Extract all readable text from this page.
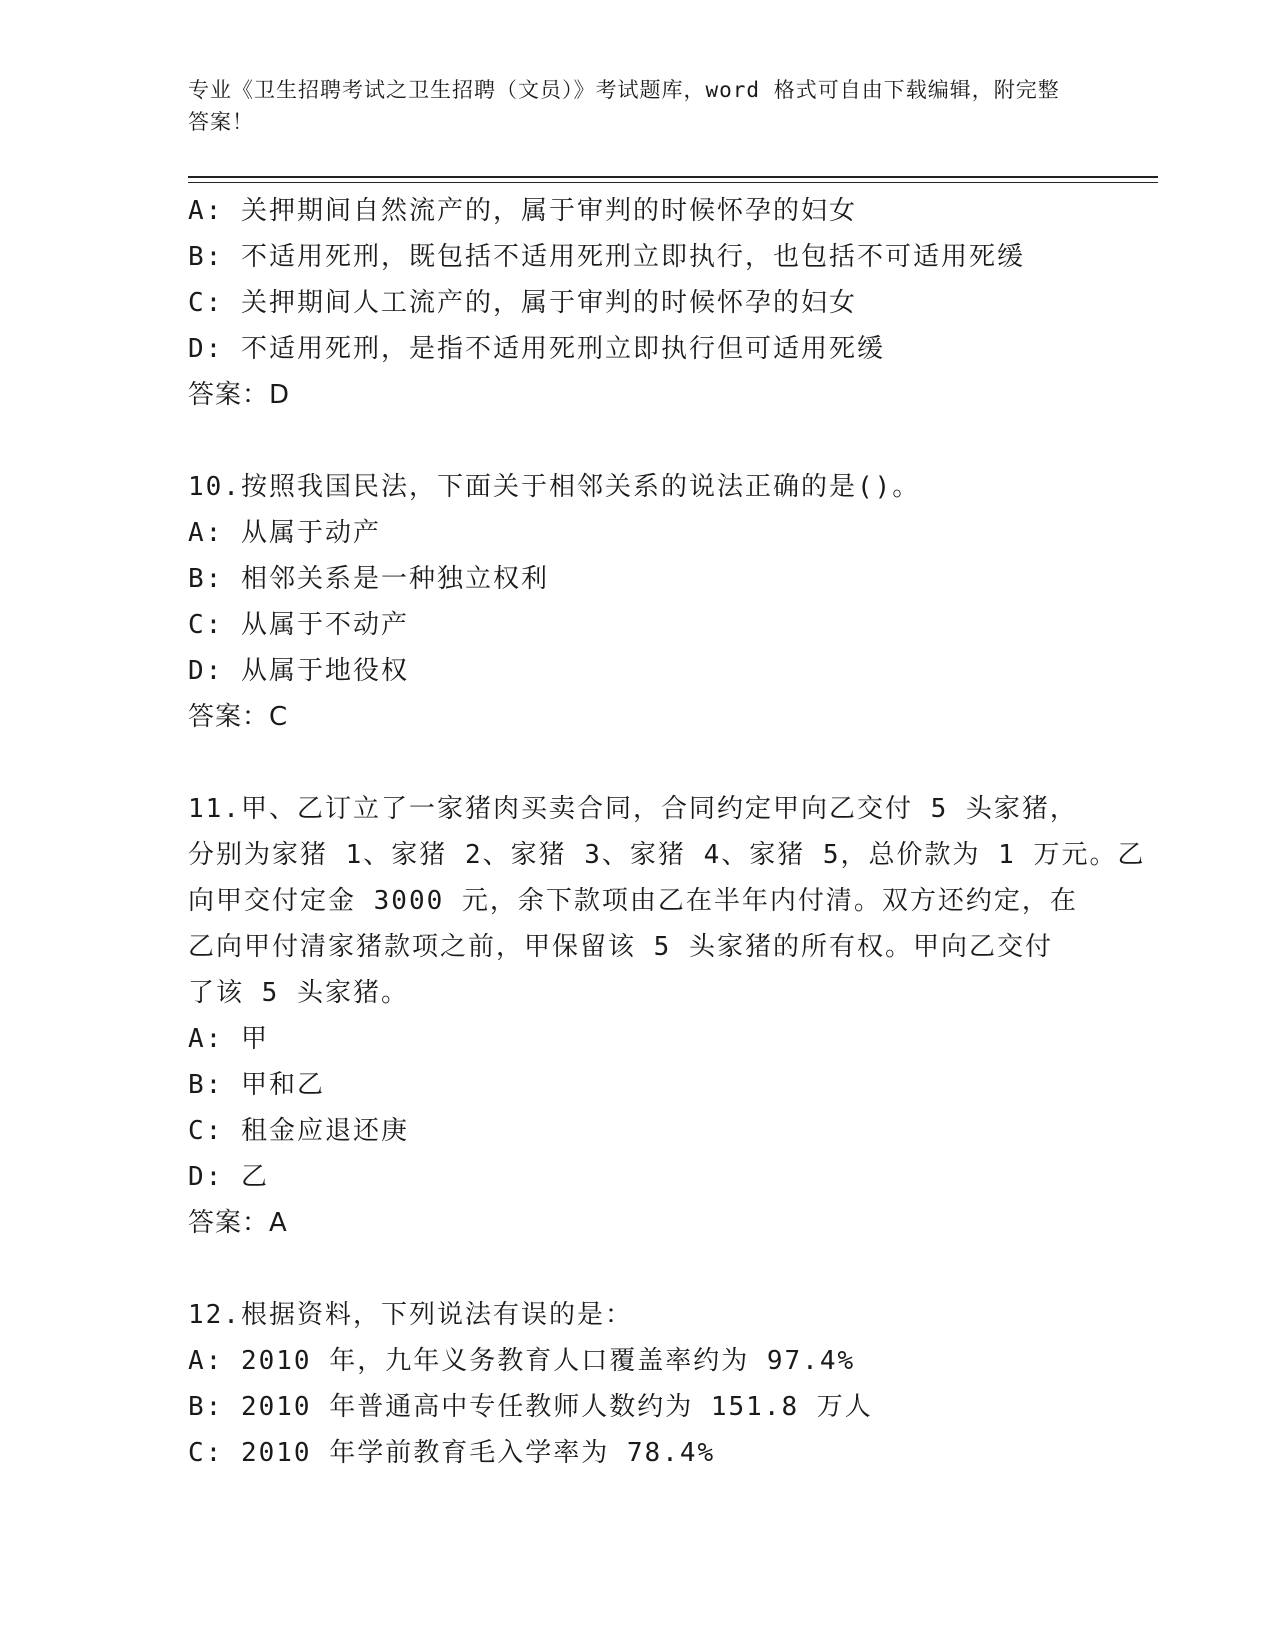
专业《卫生招聘考试之卫生招聘（文员）》考试题库，word 格式可自由下载编辑，附完整答案！
A: 关押期间自然流产的，属于审判的时候怀孕的妇女
B: 不适用死刑，既包括不适用死刑立即执行，也包括不可适用死缓
C: 关押期间人工流产的，属于审判的时候怀孕的妇女
D: 不适用死刑，是指不适用死刑立即执行但可适用死缓
答案：D
10.按照我国民法，下面关于相邻关系的说法正确的是()。
A: 从属于动产
B: 相邻关系是一种独立权利
C: 从属于不动产
D: 从属于地役权
答案：C
11.甲、乙订立了一家猪肉买卖合同，合同约定甲向乙交付 5 头家猪，
分别为家猪 1、家猪 2、家猪 3、家猪 4、家猪 5，总价款为 1 万元。乙
向甲交付定金 3000 元，余下款项由乙在半年内付清。双方还约定，在
乙向甲付清家猪款项之前，甲保留该 5 头家猪的所有权。甲向乙交付
了该 5 头家猪。
A: 甲
B: 甲和乙
C: 租金应退还庚
D: 乙
答案：A
12.根据资料，下列说法有误的是：
A: 2010 年，九年义务教育人口覆盖率约为 97.4%
B: 2010 年普通高中专任教师人数约为 151.8 万人
C: 2010 年学前教育毛入学率为 78.4%
